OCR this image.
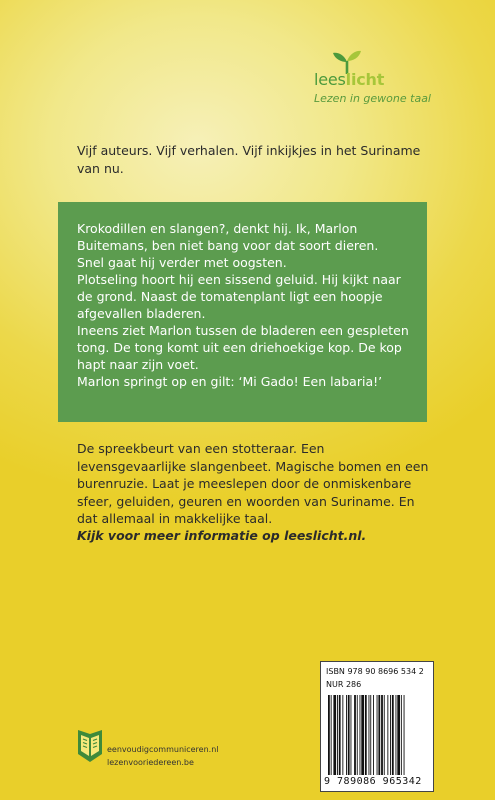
leeslicht
Lezen in gewone taal

Vijf auteurs. Vijf verhalen. Vijf inkijkjes in het Suriname van nu.

Krokodillen en slangen?, denkt hij. Ik, Marlon Buitemans, ben niet bang voor dat soort dieren.

Snel gaat hij verder met oogsten.

Plotseling hoort hij een sissend geluid. Hij kijkt naar de grond. Naast de tomatenplant ligt een hoopje afgevallen bladeren.

Ineens ziet Marlon tussen de bladeren een gespleten tong. De tong komt uit een driehoekige kop. De kop hapt naar zijn voet.

Marlon springt op en gilt: ‘Mi Gado! Een labaria!’

De spreekbeurt van een stotteraar. Een levensgevaarlijke slangenbeet. Magische bomen en een burenruzie. Laat je meeslepen door de onmiskenbare sfeer, geluiden, geuren en woorden van Suriname. En dat allemaal in makkelijke taal.

Kijk voor meer informatie op leeslicht.nl.

eenvoudigcommuniceren.nl
lezenvooriedereen.be
ISBN 978 90 8696 534 2
NUR 286
9 789086 965342
